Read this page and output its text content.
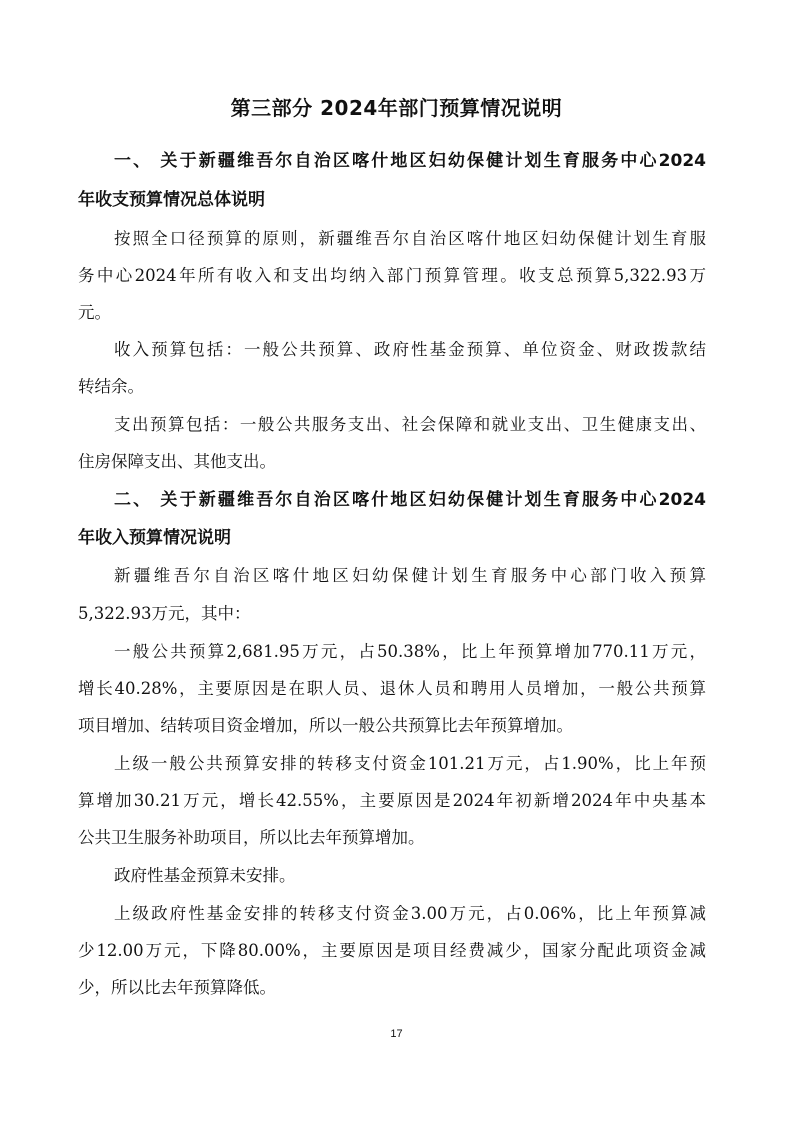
第三部分 2024年部门预算情况说明
一、 关于新疆维吾尔自治区喀什地区妇幼保健计划生育服务中心2024
年收支预算情况总体说明
按照全口径预算的原则，新疆维吾尔自治区喀什地区妇幼保健计划生育服
务中心2024年所有收入和支出均纳入部门预算管理。收支总预算5,322.93万
元。
收入预算包括：一般公共预算、政府性基金预算、单位资金、财政拨款结
转结余。
支出预算包括：一般公共服务支出、社会保障和就业支出、卫生健康支出、
住房保障支出、其他支出。
二、 关于新疆维吾尔自治区喀什地区妇幼保健计划生育服务中心2024
年收入预算情况说明
新疆维吾尔自治区喀什地区妇幼保健计划生育服务中心部门收入预算
5,322.93万元，其中：
一般公共预算2,681.95万元，占50.38%，比上年预算增加770.11万元，
增长40.28%，主要原因是在职人员、退休人员和聘用人员增加，一般公共预算
项目增加、结转项目资金增加，所以一般公共预算比去年预算增加。
上级一般公共预算安排的转移支付资金101.21万元，占1.90%，比上年预
算增加30.21万元，增长42.55%，主要原因是2024年初新增2024年中央基本
公共卫生服务补助项目，所以比去年预算增加。
政府性基金预算未安排。
上级政府性基金安排的转移支付资金3.00万元，占0.06%，比上年预算减
少12.00万元，下降80.00%，主要原因是项目经费减少，国家分配此项资金减
少，所以比去年预算降低。
17
